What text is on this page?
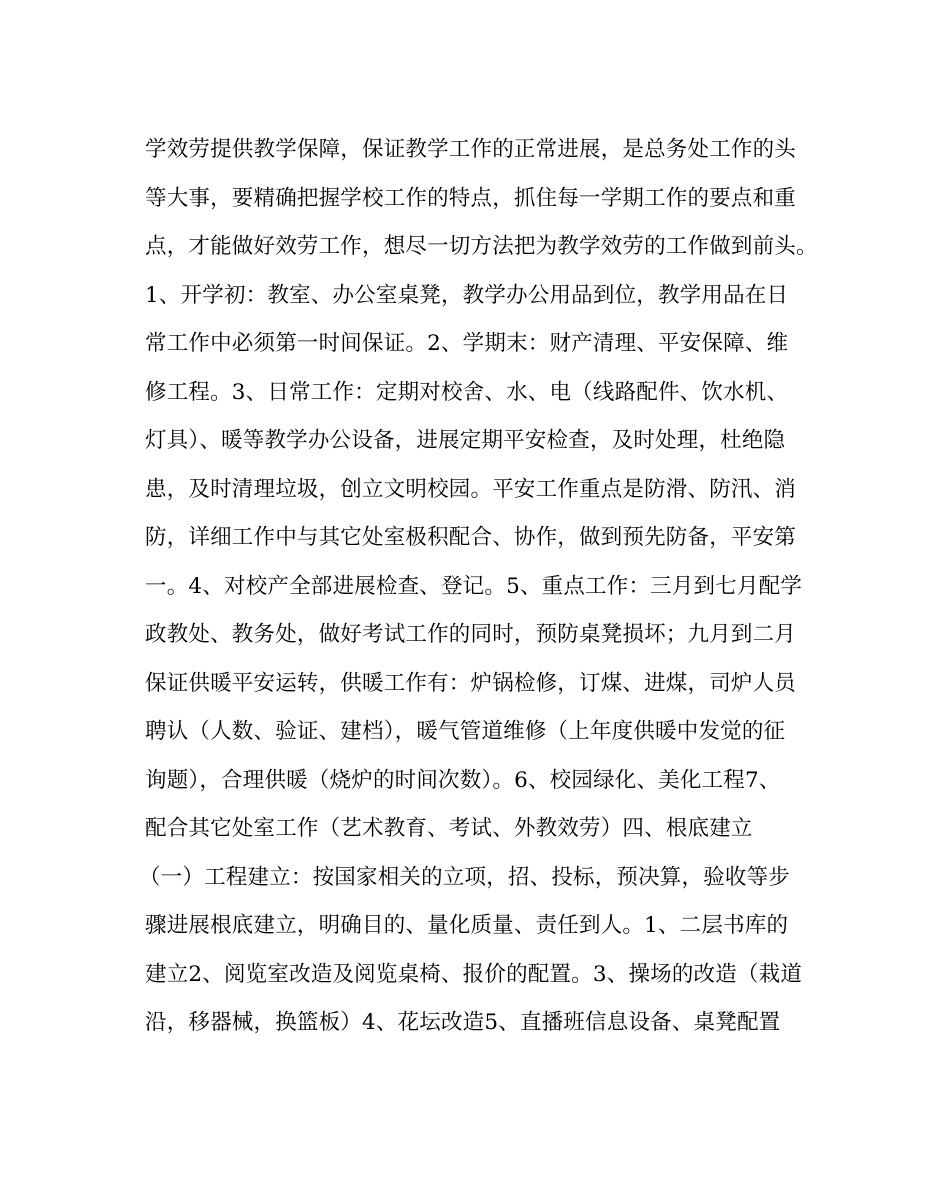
学效劳提供教学保障，保证教学工作的正常进展，是总务处工作的头
等大事，要精确把握学校工作的特点，抓住每一学期工作的要点和重
点，才能做好效劳工作，想尽一切方法把为教学效劳的工作做到前头。
1、开学初：教室、办公室桌凳，教学办公用品到位，教学用品在日
常工作中必须第一时间保证。2、学期末：财产清理、平安保障、维
修工程。3、日常工作：定期对校舍、水、电（线路配件、饮水机、
灯具）、暖等教学办公设备，进展定期平安检查，及时处理，杜绝隐
患，及时清理垃圾，创立文明校园。平安工作重点是防滑、防汛、消
防，详细工作中与其它处室极积配合、协作，做到预先防备，平安第
一。4、对校产全部进展检查、登记。5、重点工作：三月到七月配学
政教处、教务处，做好考试工作的同时，预防桌凳损坏；九月到二月
保证供暖平安运转，供暖工作有：炉锅检修，订煤、进煤，司炉人员
聘认（人数、验证、建档），暖气管道维修（上年度供暖中发觉的征
询题），合理供暖（烧炉的时间次数）。6、校园绿化、美化工程7、
配合其它处室工作（艺术教育、考试、外教效劳）四、根底建立
（一）工程建立：按国家相关的立项，招、投标，预决算，验收等步
骤进展根底建立，明确目的、量化质量、责任到人。1、二层书库的
建立2、阅览室改造及阅览桌椅、报价的配置。3、操场的改造（栽道
沿，移器械，换篮板）4、花坛改造5、直播班信息设备、桌凳配置
